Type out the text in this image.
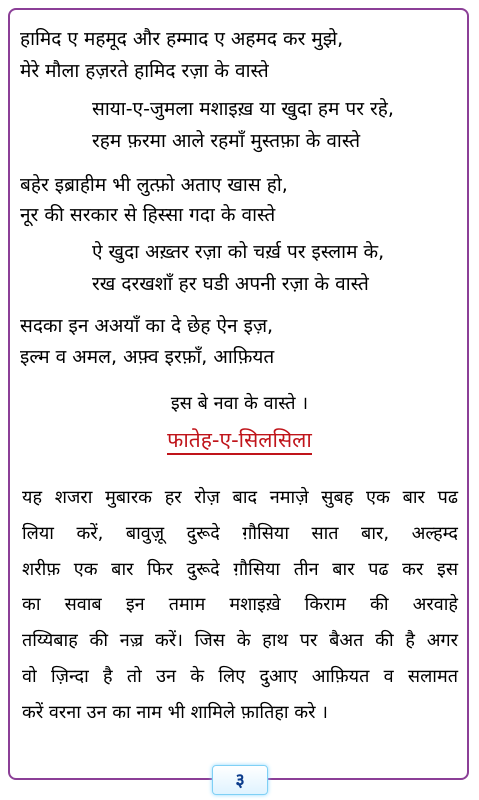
हामिद ए महमूद और हम्माद ए अहमद कर मुझे,
मेरे मौला हज़रते हामिद रज़ा के वास्ते
साया-ए-जुमला मशाइख़ या खुदा हम पर रहे,
रहम फ़रमा आले रहमाँ मुस्तफ़ा के वास्ते
बहेर इब्राहीम भी लुत्फ़ो अताए खास हो,
नूर की सरकार से हिस्सा गदा के वास्ते
ऐ खुदा अख़्तर रज़ा को चर्ख़ पर इस्लाम के,
रख दरखशाँ हर घडी अपनी रज़ा के वास्ते
सदका इन अअयाँ का दे छेह ऐन इज़,
इल्म व अमल, अफ़्व इरफ़ाँ, आफ़ियत
इस बे नवा के वास्ते ।
फातेह-ए-सिलसिला
यह शजरा मुबारक हर रोज़ बाद नमाज़े सुबह एक बार पढ
लिया करें, बावुज़ू दुरूदे ग़ौसिया सात बार, अल्हम्द
शरीफ़ एक बार फिर दुरूदे ग़ौसिया तीन बार पढ कर इस
का सवाब इन तमाम मशाइख़े किराम की अरवाहे
तय्यिबाह की नज़्र करें। जिस के हाथ पर बैअत की है अगर
वो ज़िन्दा है तो उन के लिए दुआए आफ़ियत व सलामत
करें वरना उन का नाम भी शामिले फ़ातिहा करे ।
३
